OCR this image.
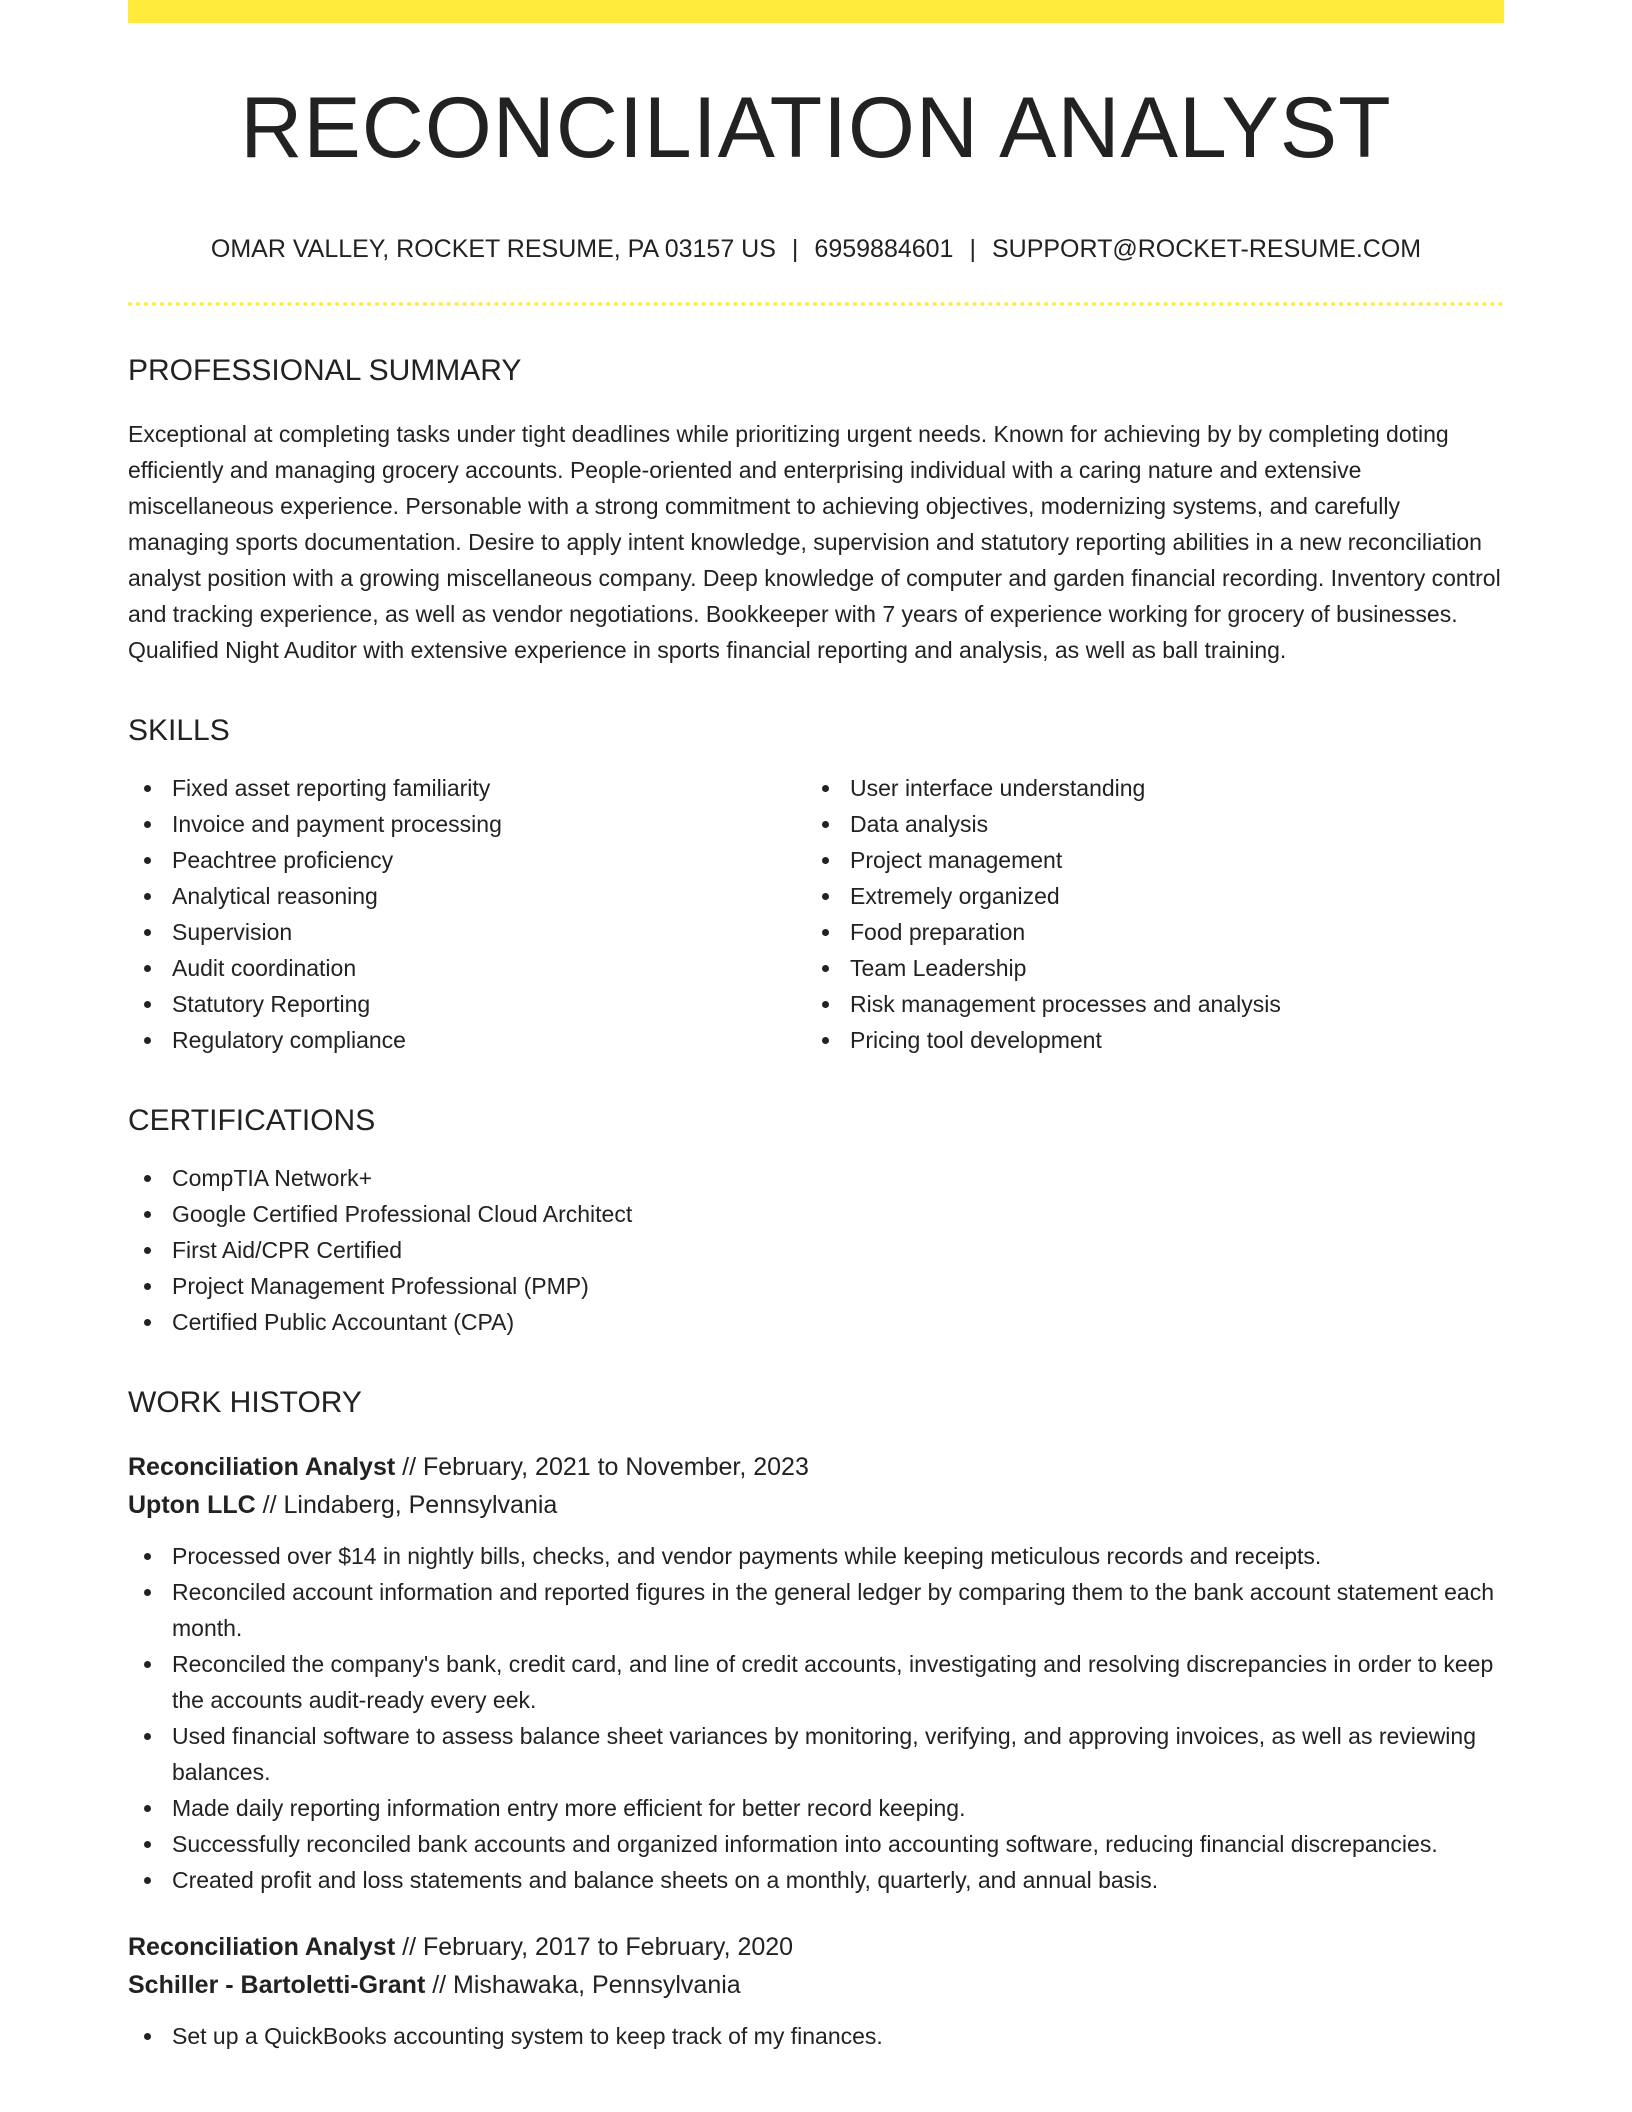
RECONCILIATION ANALYST
OMAR VALLEY, ROCKET RESUME, PA 03157 US | 6959884601 | SUPPORT@ROCKET-RESUME.COM
PROFESSIONAL SUMMARY

Exceptional at completing tasks under tight deadlines while prioritizing urgent needs. Known for achieving by by completing doting efficiently and managing grocery accounts. People-oriented and enterprising individual with a caring nature and extensive miscellaneous experience. Personable with a strong commitment to achieving objectives, modernizing systems, and carefully managing sports documentation. Desire to apply intent knowledge, supervision and statutory reporting abilities in a new reconciliation analyst position with a growing miscellaneous company. Deep knowledge of computer and garden financial recording. Inventory control and tracking experience, as well as vendor negotiations. Bookkeeper with 7 years of experience working for grocery of businesses. Qualified Night Auditor with extensive experience in sports financial reporting and analysis, as well as ball training.

SKILLS
Fixed asset reporting familiarity
Invoice and payment processing
Peachtree proficiency
Analytical reasoning
Supervision
Audit coordination
Statutory Reporting
Regulatory compliance
User interface understanding
Data analysis
Project management
Extremely organized
Food preparation
Team Leadership
Risk management processes and analysis
Pricing tool development
CERTIFICATIONS
CompTIA Network+
Google Certified Professional Cloud Architect
First Aid/CPR Certified
Project Management Professional (PMP)
Certified Public Accountant (CPA)
WORK HISTORY
Reconciliation Analyst // February, 2021 to November, 2023
Upton LLC // Lindaberg, Pennsylvania
Processed over $14 in nightly bills, checks, and vendor payments while keeping meticulous records and receipts.
Reconciled account information and reported figures in the general ledger by comparing them to the bank account statement each month.
Reconciled the company's bank, credit card, and line of credit accounts, investigating and resolving discrepancies in order to keep the accounts audit-ready every eek.
Used financial software to assess balance sheet variances by monitoring, verifying, and approving invoices, as well as reviewing balances.
Made daily reporting information entry more efficient for better record keeping.
Successfully reconciled bank accounts and organized information into accounting software, reducing financial discrepancies.
Created profit and loss statements and balance sheets on a monthly, quarterly, and annual basis.
Reconciliation Analyst // February, 2017 to February, 2020
Schiller - Bartoletti-Grant // Mishawaka, Pennsylvania
Set up a QuickBooks accounting system to keep track of my finances.
